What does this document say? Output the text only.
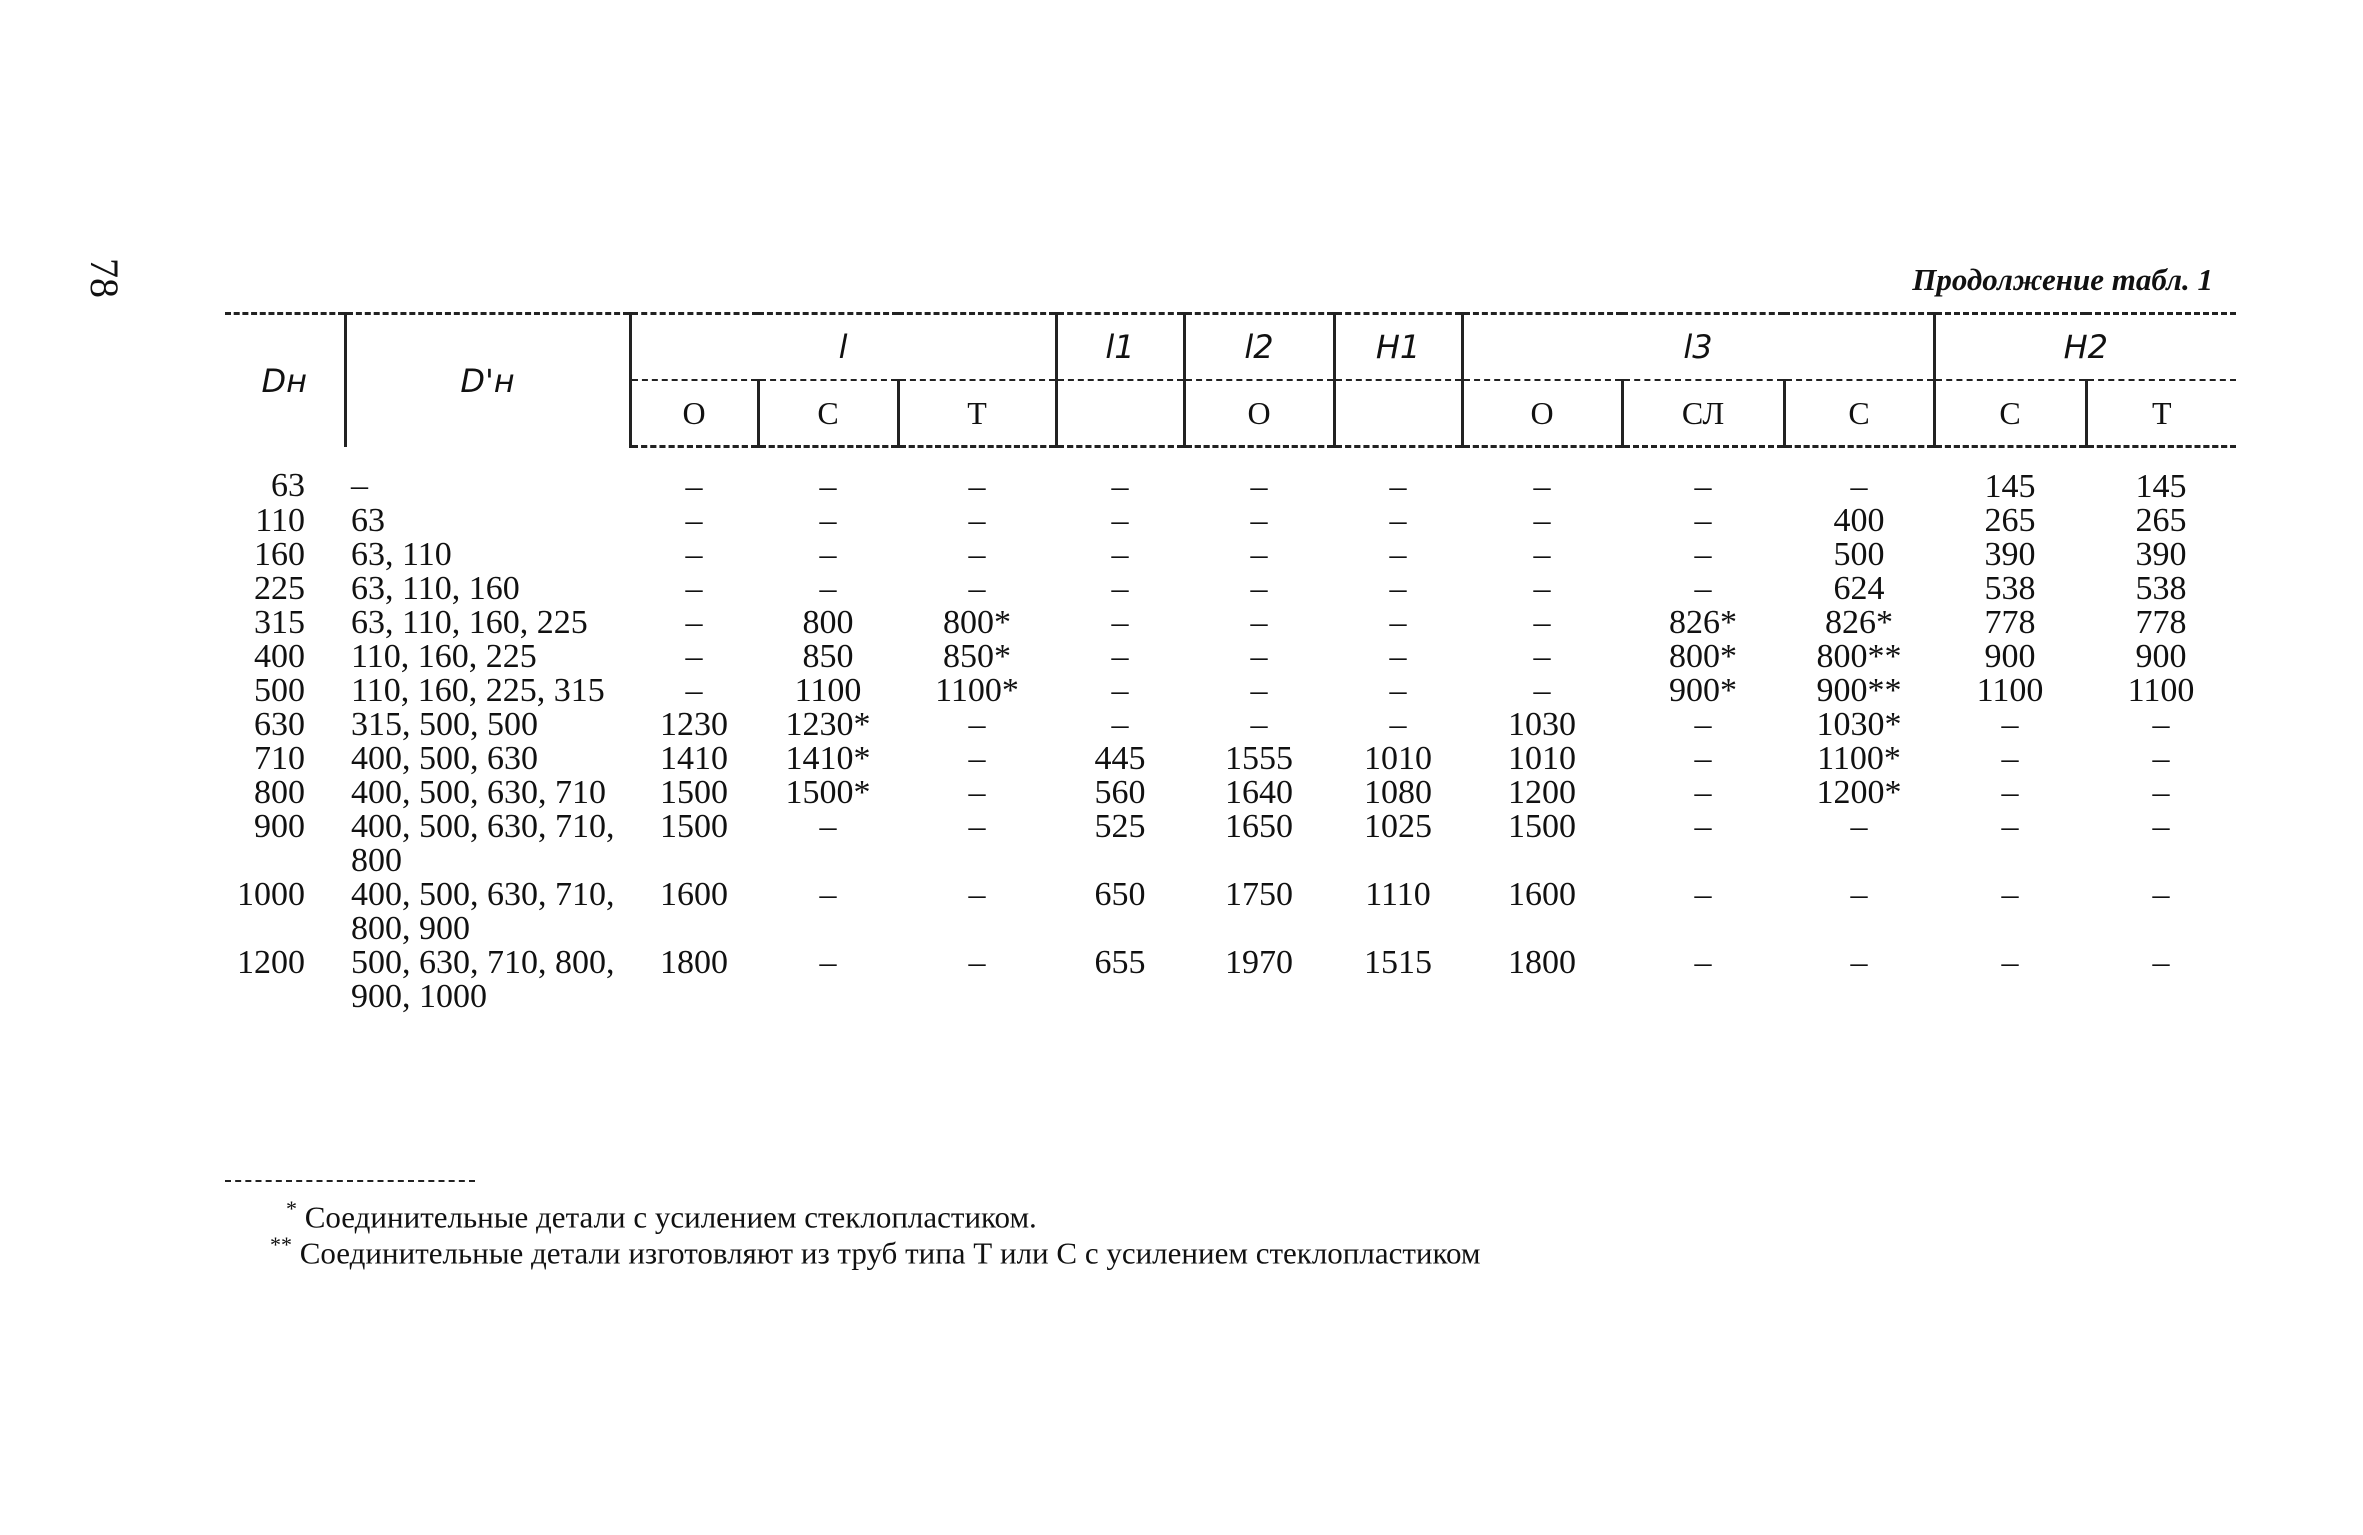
78	Продолжение табл. 1
Dн	D'н	l			l1	l2	H1	l3			H2	
		О	С	Т		О		О	СЛ	С	С	Т
63	–	–	–	–	–	–	–	–	–	–	145	145
110	63	–	–	–	–	–	–	–	–	400	265	265
160	63, 110	–	–	–	–	–	–	–	–	500	390	390
225	63, 110, 160	–	–	–	–	–	–	–	–	624	538	538
315	63, 110, 160, 225	–	800	800*	–	–	–	–	826*	826*	778	778
400	110, 160, 225	–	850	850*	–	–	–	–	800*	800**	900	900
500	110, 160, 225, 315	–	1100	1100*	–	–	–	–	900*	900**	1100	1100
630	315, 500, 500	1230	1230*	–	–	–	–	1030	–	1030*	–	–
710	400, 500, 630	1410	1410*	–	445	1555	1010	1010	–	1100*	–	–
800	400, 500, 630, 710	1500	1500*	–	560	1640	1080	1200	–	1200*	–	–
900	400, 500, 630, 710, 800	1500	–	–	525	1650	1025	1500	–	–	–	–
1000	400, 500, 630, 710, 800, 900	1600	–	–	650	1750	1110	1600	–	–	–	–
1200	500, 630, 710, 800, 900, 1000	1800	–	–	655	1970	1515	1800	–	–	–	–
* Соединительные детали с усилением стеклопластиком.
** Соединительные детали изготовляют из труб типа Т или С с усилением стеклопластиком
